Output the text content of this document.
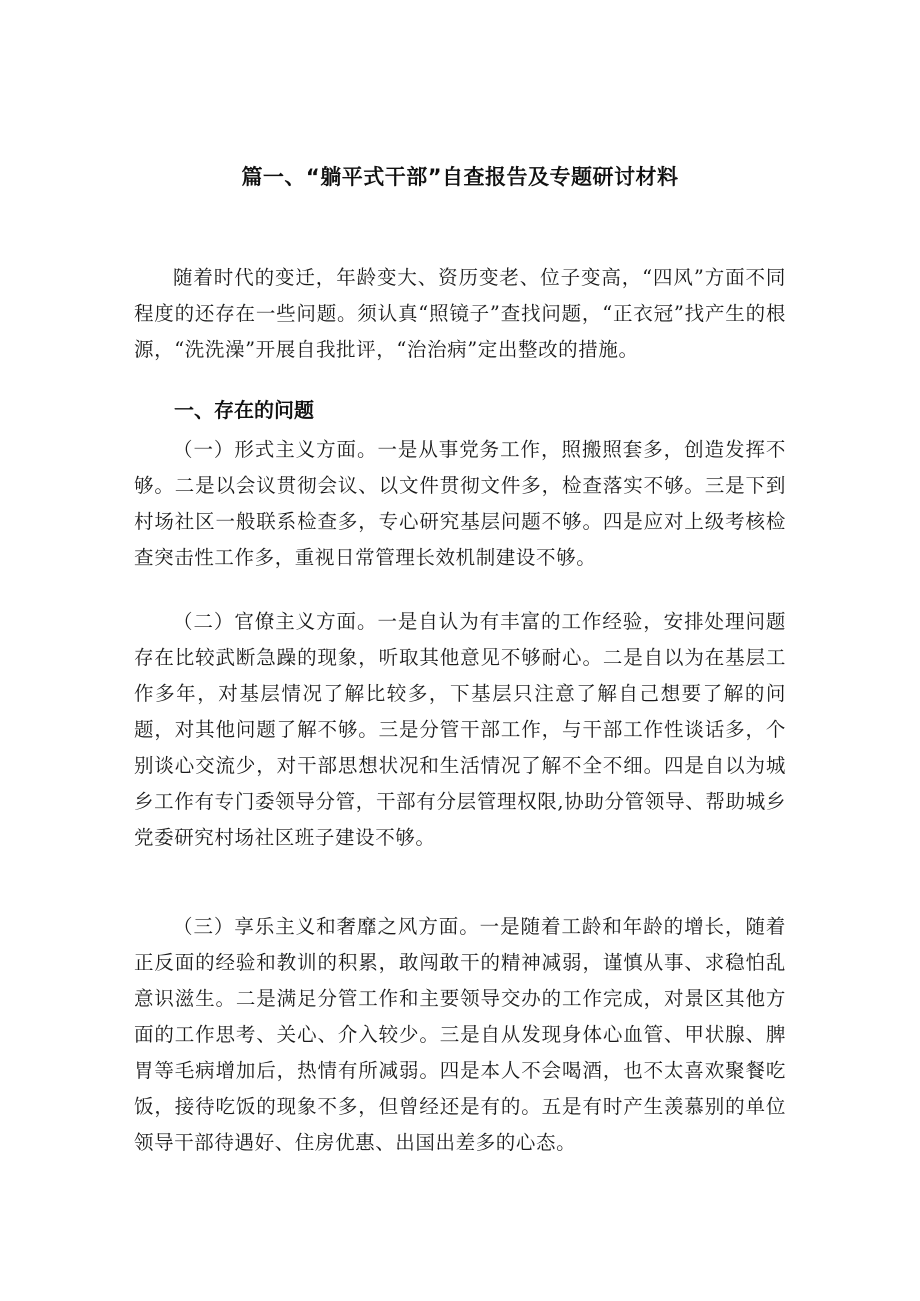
篇一、“躺平式干部”自查报告及专题研讨材料

随着时代的变迁，年龄变大、资历变老、位子变高，“四风”方面不同程度的还存在一些问题。须认真“照镜子”查找问题，“正衣冠”找产生的根源，“洗洗澡”开展自我批评，“治治病”定出整改的措施。

一、存在的问题

（一）形式主义方面。一是从事党务工作，照搬照套多，创造发挥不够。二是以会议贯彻会议、以文件贯彻文件多，检查落实不够。三是下到村场社区一般联系检查多，专心研究基层问题不够。四是应对上级考核检查突击性工作多，重视日常管理长效机制建设不够。

（二）官僚主义方面。一是自认为有丰富的工作经验，安排处理问题存在比较武断急躁的现象，听取其他意见不够耐心。二是自以为在基层工作多年，对基层情况了解比较多，下基层只注意了解自己想要了解的问题，对其他问题了解不够。三是分管干部工作，与干部工作性谈话多，个别谈心交流少，对干部思想状况和生活情况了解不全不细。四是自以为城乡工作有专门委领导分管，干部有分层管理权限,协助分管领导、帮助城乡党委研究村场社区班子建设不够。

（三）享乐主义和奢靡之风方面。一是随着工龄和年龄的增长，随着正反面的经验和教训的积累，敢闯敢干的精神减弱，谨慎从事、求稳怕乱意识滋生。二是满足分管工作和主要领导交办的工作完成，对景区其他方面的工作思考、关心、介入较少。三是自从发现身体心血管、甲状腺、脾胃等毛病增加后，热情有所减弱。四是本人不会喝酒，也不太喜欢聚餐吃饭，接待吃饭的现象不多，但曾经还是有的。五是有时产生羡慕别的单位领导干部待遇好、住房优惠、出国出差多的心态。
